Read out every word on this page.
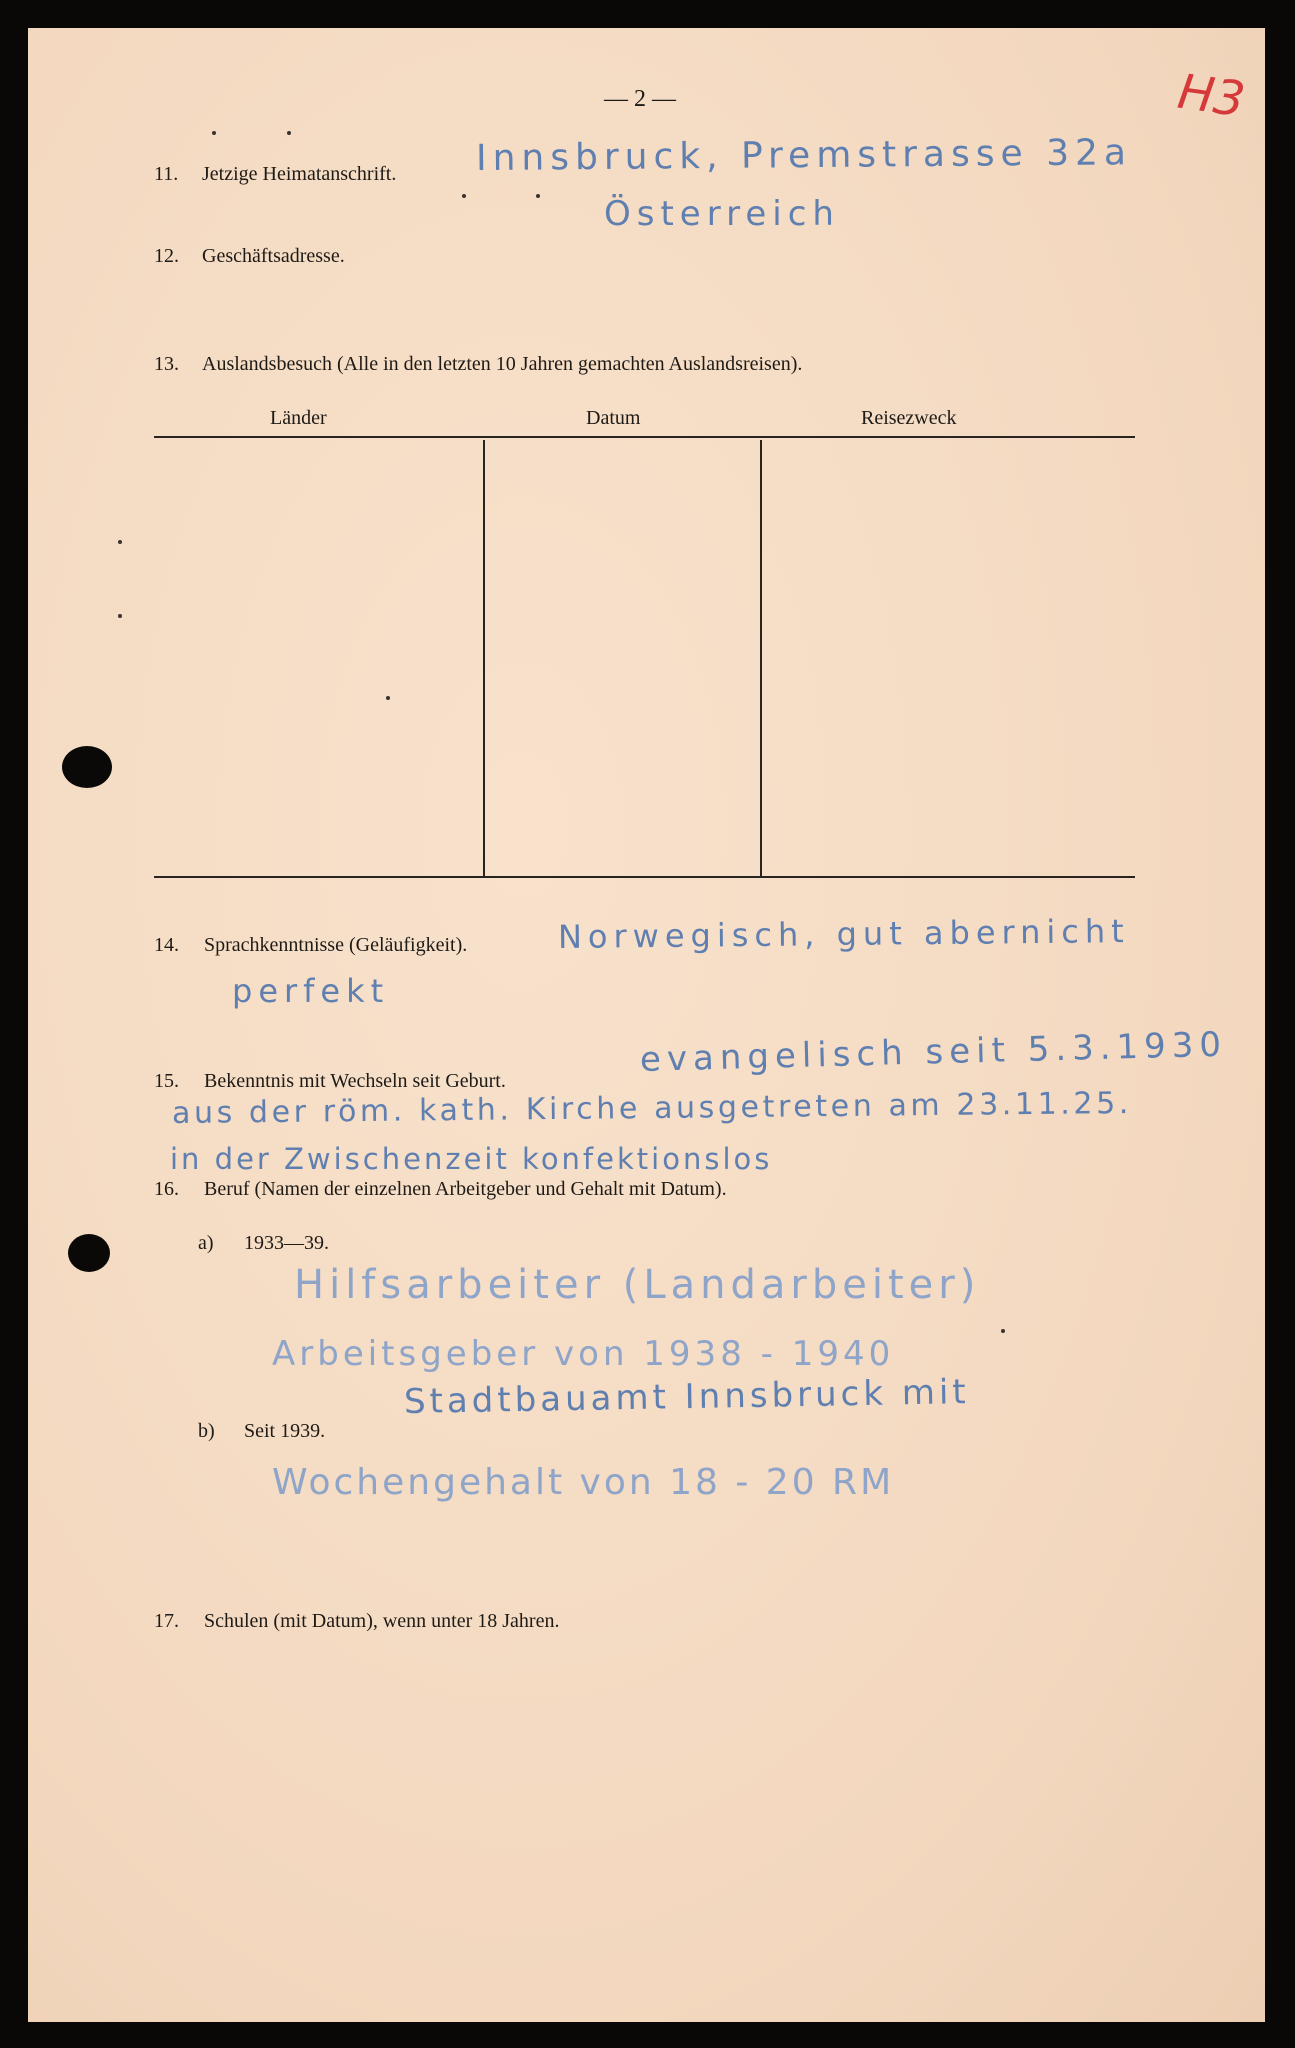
— 2 —	H3
11. Jetzige Heimatanschrift. Innsbruck, Premstrasse 32a
Österreich
12. Geschäftsadresse.
13. Auslandsbesuch (Alle in den letzten 10 Jahren gemachten Auslandsreisen).
Länder	Datum	Reisezweck
14. Sprachkenntnisse (Geläufigkeit).	Norwegisch, gut abernicht
perfekt
15. Bekenntnis mit Wechseln seit Geburt.
evangelisch seit 5.3.1930
aus der röm. kath. Kirche ausgetreten am 23.11.25.
in der Zwischenzeit konfektionslos
16. Beruf (Namen der einzelnen Arbeitgeber und Gehalt mit Datum).
a) 1933—39.
Hilfsarbeiter (Landarbeiter)
Arbeitsgeber von 1938 - 1940
b) Seit 1939.
Stadtbauamt Innsbruck mit
Wochengehalt von 18 - 20 RM
17. Schulen (mit Datum), wenn unter 18 Jahren.
